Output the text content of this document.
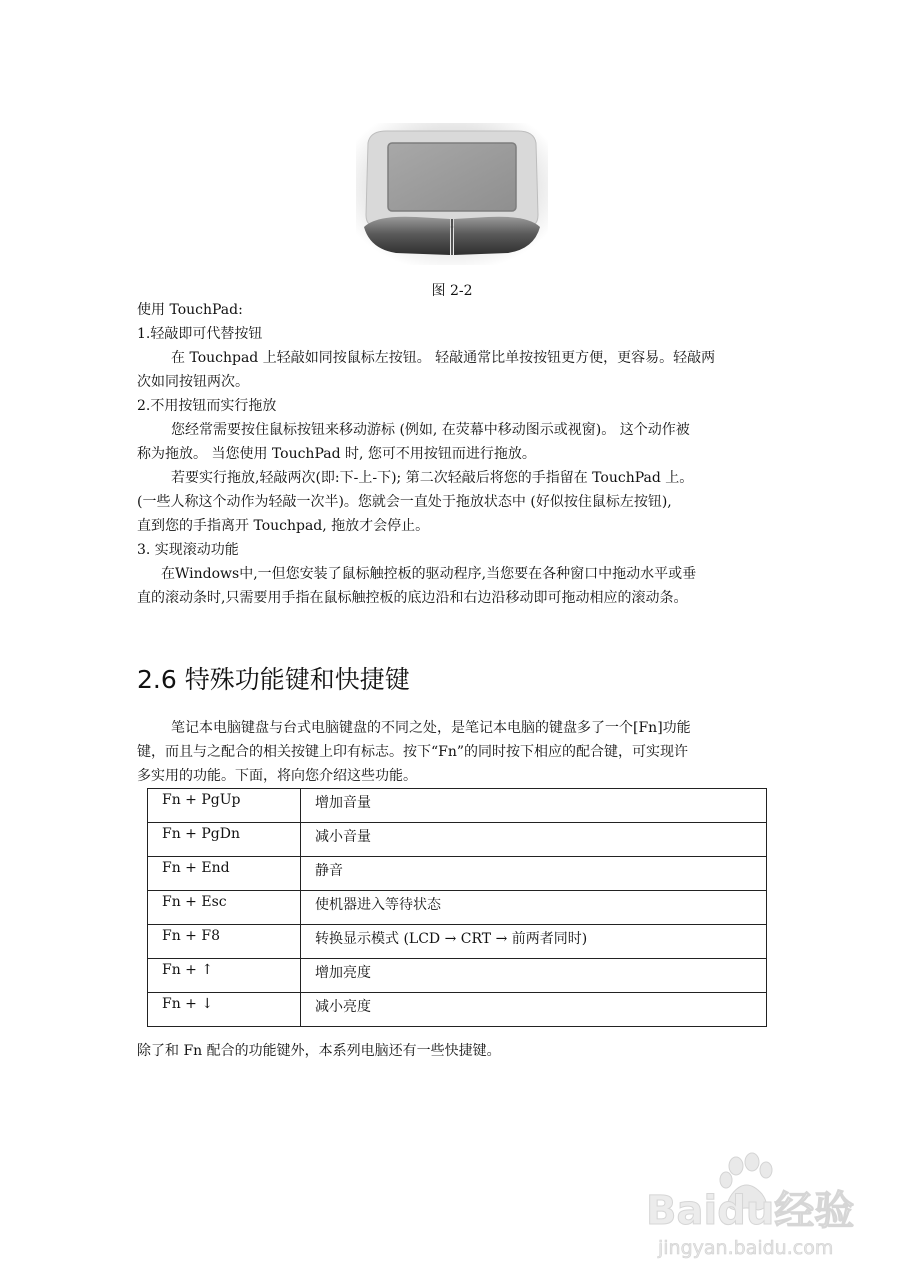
图 2-2
使用 TouchPad:
1.轻敲即可代替按钮
在 Touchpad 上轻敲如同按鼠标左按钮。 轻敲通常比单按按钮更方便，更容易。轻敲两
次如同按钮两次。
2.不用按钮而实行拖放
您经常需要按住鼠标按钮来移动游标 (例如, 在荧幕中移动图示或视窗)。 这个动作被
称为拖放。 当您使用 TouchPad 时, 您可不用按钮而进行拖放。
若要实行拖放,轻敲两次(即:下-上-下); 第二次轻敲后将您的手指留在 TouchPad 上。
(一些人称这个动作为轻敲一次半)。您就会一直处于拖放状态中 (好似按住鼠标左按钮),
直到您的手指离开 Touchpad, 拖放才会停止。
3. 实现滚动功能
在Windows中,一但您安装了鼠标触控板的驱动程序,当您要在各种窗口中拖动水平或垂
直的滚动条时,只需要用手指在鼠标触控板的底边沿和右边沿移动即可拖动相应的滚动条。
2.6 特殊功能键和快捷键
笔记本电脑键盘与台式电脑键盘的不同之处，是笔记本电脑的键盘多了一个[Fn]功能
键，而且与之配合的相关按键上印有标志。按下“Fn”的同时按下相应的配合键，可实现许
多实用的功能。下面，将向您介绍这些功能。
Fn + PgUp	增加音量
Fn + PgDn	减小音量
Fn + End	静音
Fn + Esc	使机器进入等待状态
Fn + F8	转换显示模式 (LCD → CRT → 前两者同时)
Fn + ↑	增加亮度
Fn + ↓	减小亮度
除了和 Fn 配合的功能键外，本系列电脑还有一些快捷键。
Baidu经验
jingyan.baidu.com
